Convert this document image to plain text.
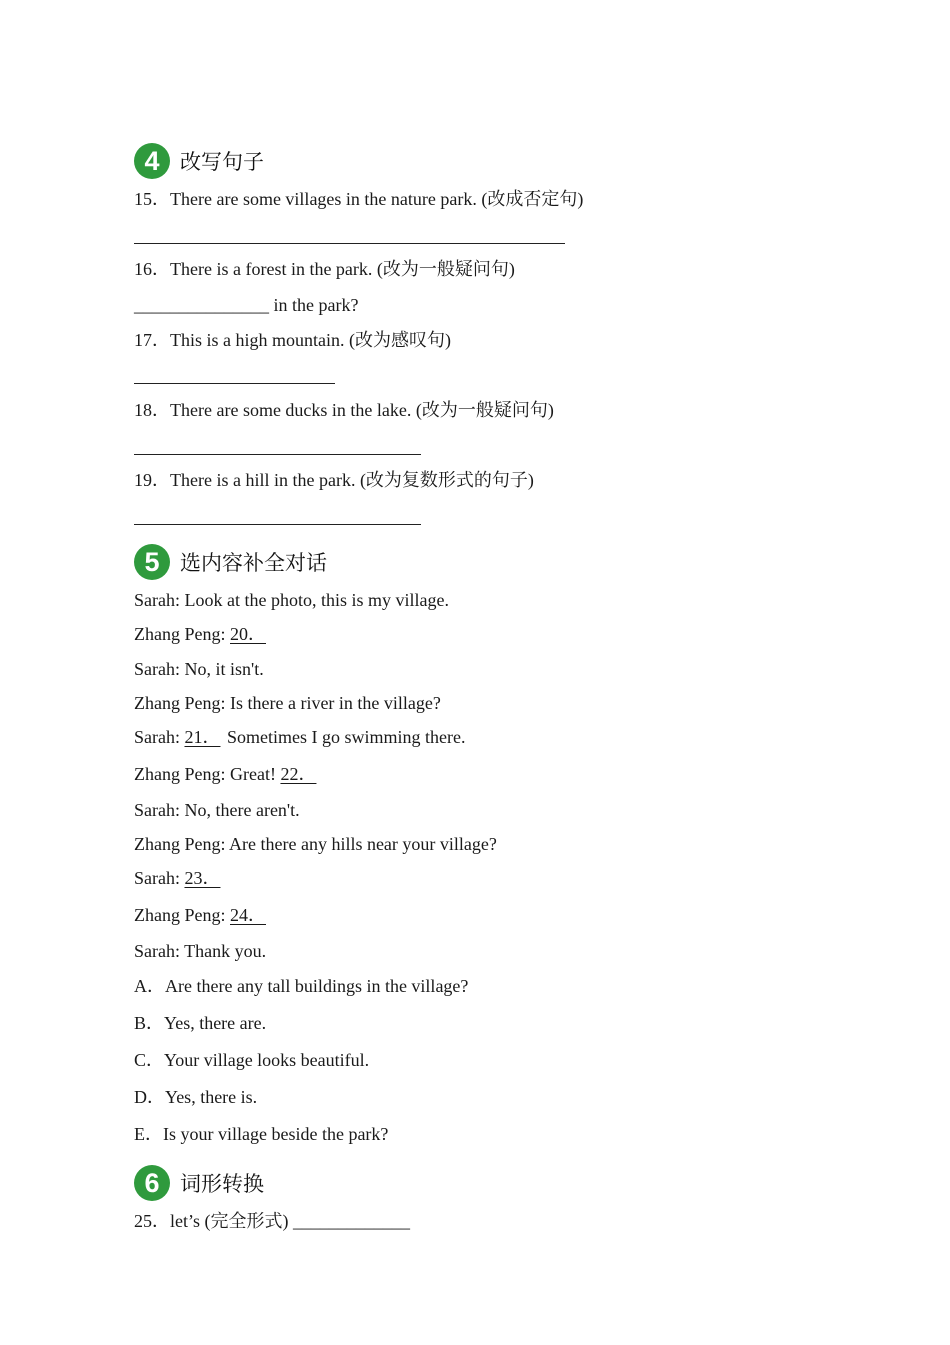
4 改写句子
15．There are some villages in the nature park. (改成否定句)
16．There is a forest in the park. (改为一般疑问句)
_______________ in the park?
17．This is a high mountain. (改为感叹句)
18．There are some ducks in the lake. (改为一般疑问句)
19．There is a hill in the park. (改为复数形式的句子)
5 选内容补全对话
Sarah: Look at the photo, this is my village.
Zhang Peng: 20．
Sarah: No, it isn't.
Zhang Peng: Is there a river in the village?
Sarah: 21． Sometimes I go swimming there.
Zhang Peng: Great! 22．
Sarah: No, there aren't.
Zhang Peng: Are there any hills near your village?
Sarah: 23．
Zhang Peng: 24．
Sarah: Thank you.
A．Are there any tall buildings in the village?
B．Yes, there are.
C．Your village looks beautiful.
D．Yes, there is.
E．Is your village beside the park?
6 词形转换
25．let’s (完全形式) _____________
